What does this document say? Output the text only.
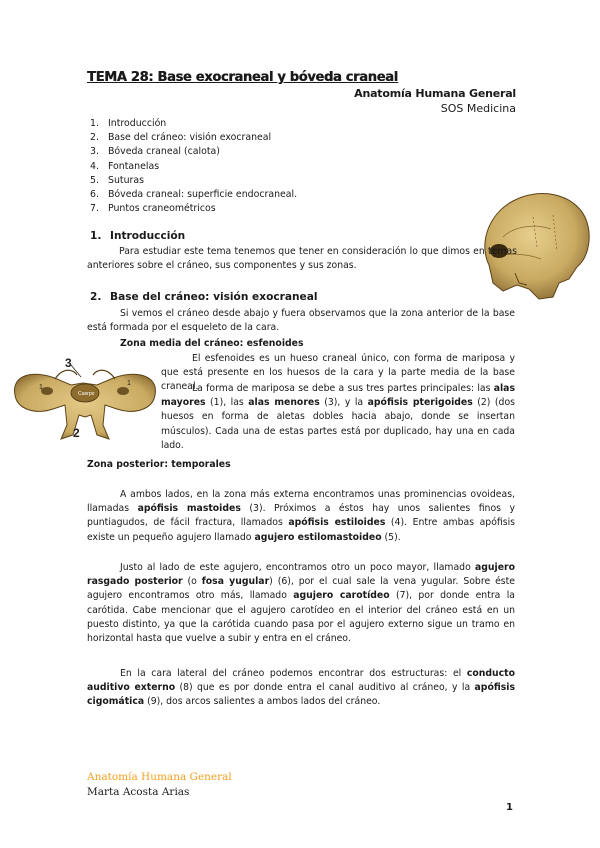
TEMA 28: Base exocraneal y bóveda craneal
Anatomía Humana General
SOS Medicina
1. Introducción
2. Base del cráneo: visión exocraneal
3. Bóveda craneal (calota)
4. Fontanelas
5. Suturas
6. Bóveda craneal: superficie endocraneal.
7. Puntos craneométricos
1. Introducción
Para estudiar este tema tenemos que tener en consideración lo que dimos en temas anteriores sobre el cráneo, sus componentes y sus zonas.
2. Base del cráneo: visión exocraneal
Si vemos el cráneo desde abajo y fuera observamos que la zona anterior de la base está formada por el esqueleto de la cara.
Zona media del cráneo: esfenoides
3
1
1
Cuerpo
2
El esfenoides es un hueso craneal único, con forma de mariposa y que está presente en los huesos de la cara y la parte media de la base craneal.
La forma de mariposa se debe a sus tres partes principales: las alas mayores (1), las alas menores (3), y la apófisis pterigoides (2) (dos huesos en forma de aletas dobles hacia abajo, donde se insertan músculos). Cada una de estas partes está por duplicado, hay una en cada lado.
Zona posterior: temporales
A ambos lados, en la zona más externa encontramos unas prominencias ovoideas, llamadas apófisis mastoides (3). Próximos a éstos hay unos salientes finos y puntiagudos, de fácil fractura, llamados apófisis estiloides (4). Entre ambas apófisis existe un pequeño agujero llamado agujero estilomastoideo (5).
Justo al lado de este agujero, encontramos otro un poco mayor, llamado agujero rasgado posterior (o fosa yugular) (6), por el cual sale la vena yugular. Sobre éste agujero encontramos otro más, llamado agujero carotídeo (7), por donde entra la carótida. Cabe mencionar que el agujero carotídeo en el interior del cráneo está en un puesto distinto, ya que la carótida cuando pasa por el agujero externo sigue un tramo en horizontal hasta que vuelve a subir y entra en el cráneo.
En la cara lateral del cráneo podemos encontrar dos estructuras: el conducto auditivo externo (8) que es por donde entra el canal auditivo al cráneo, y la apófisis cigomática (9), dos arcos salientes a ambos lados del cráneo.
Anatomía Humana General
Marta Acosta Arias
1
